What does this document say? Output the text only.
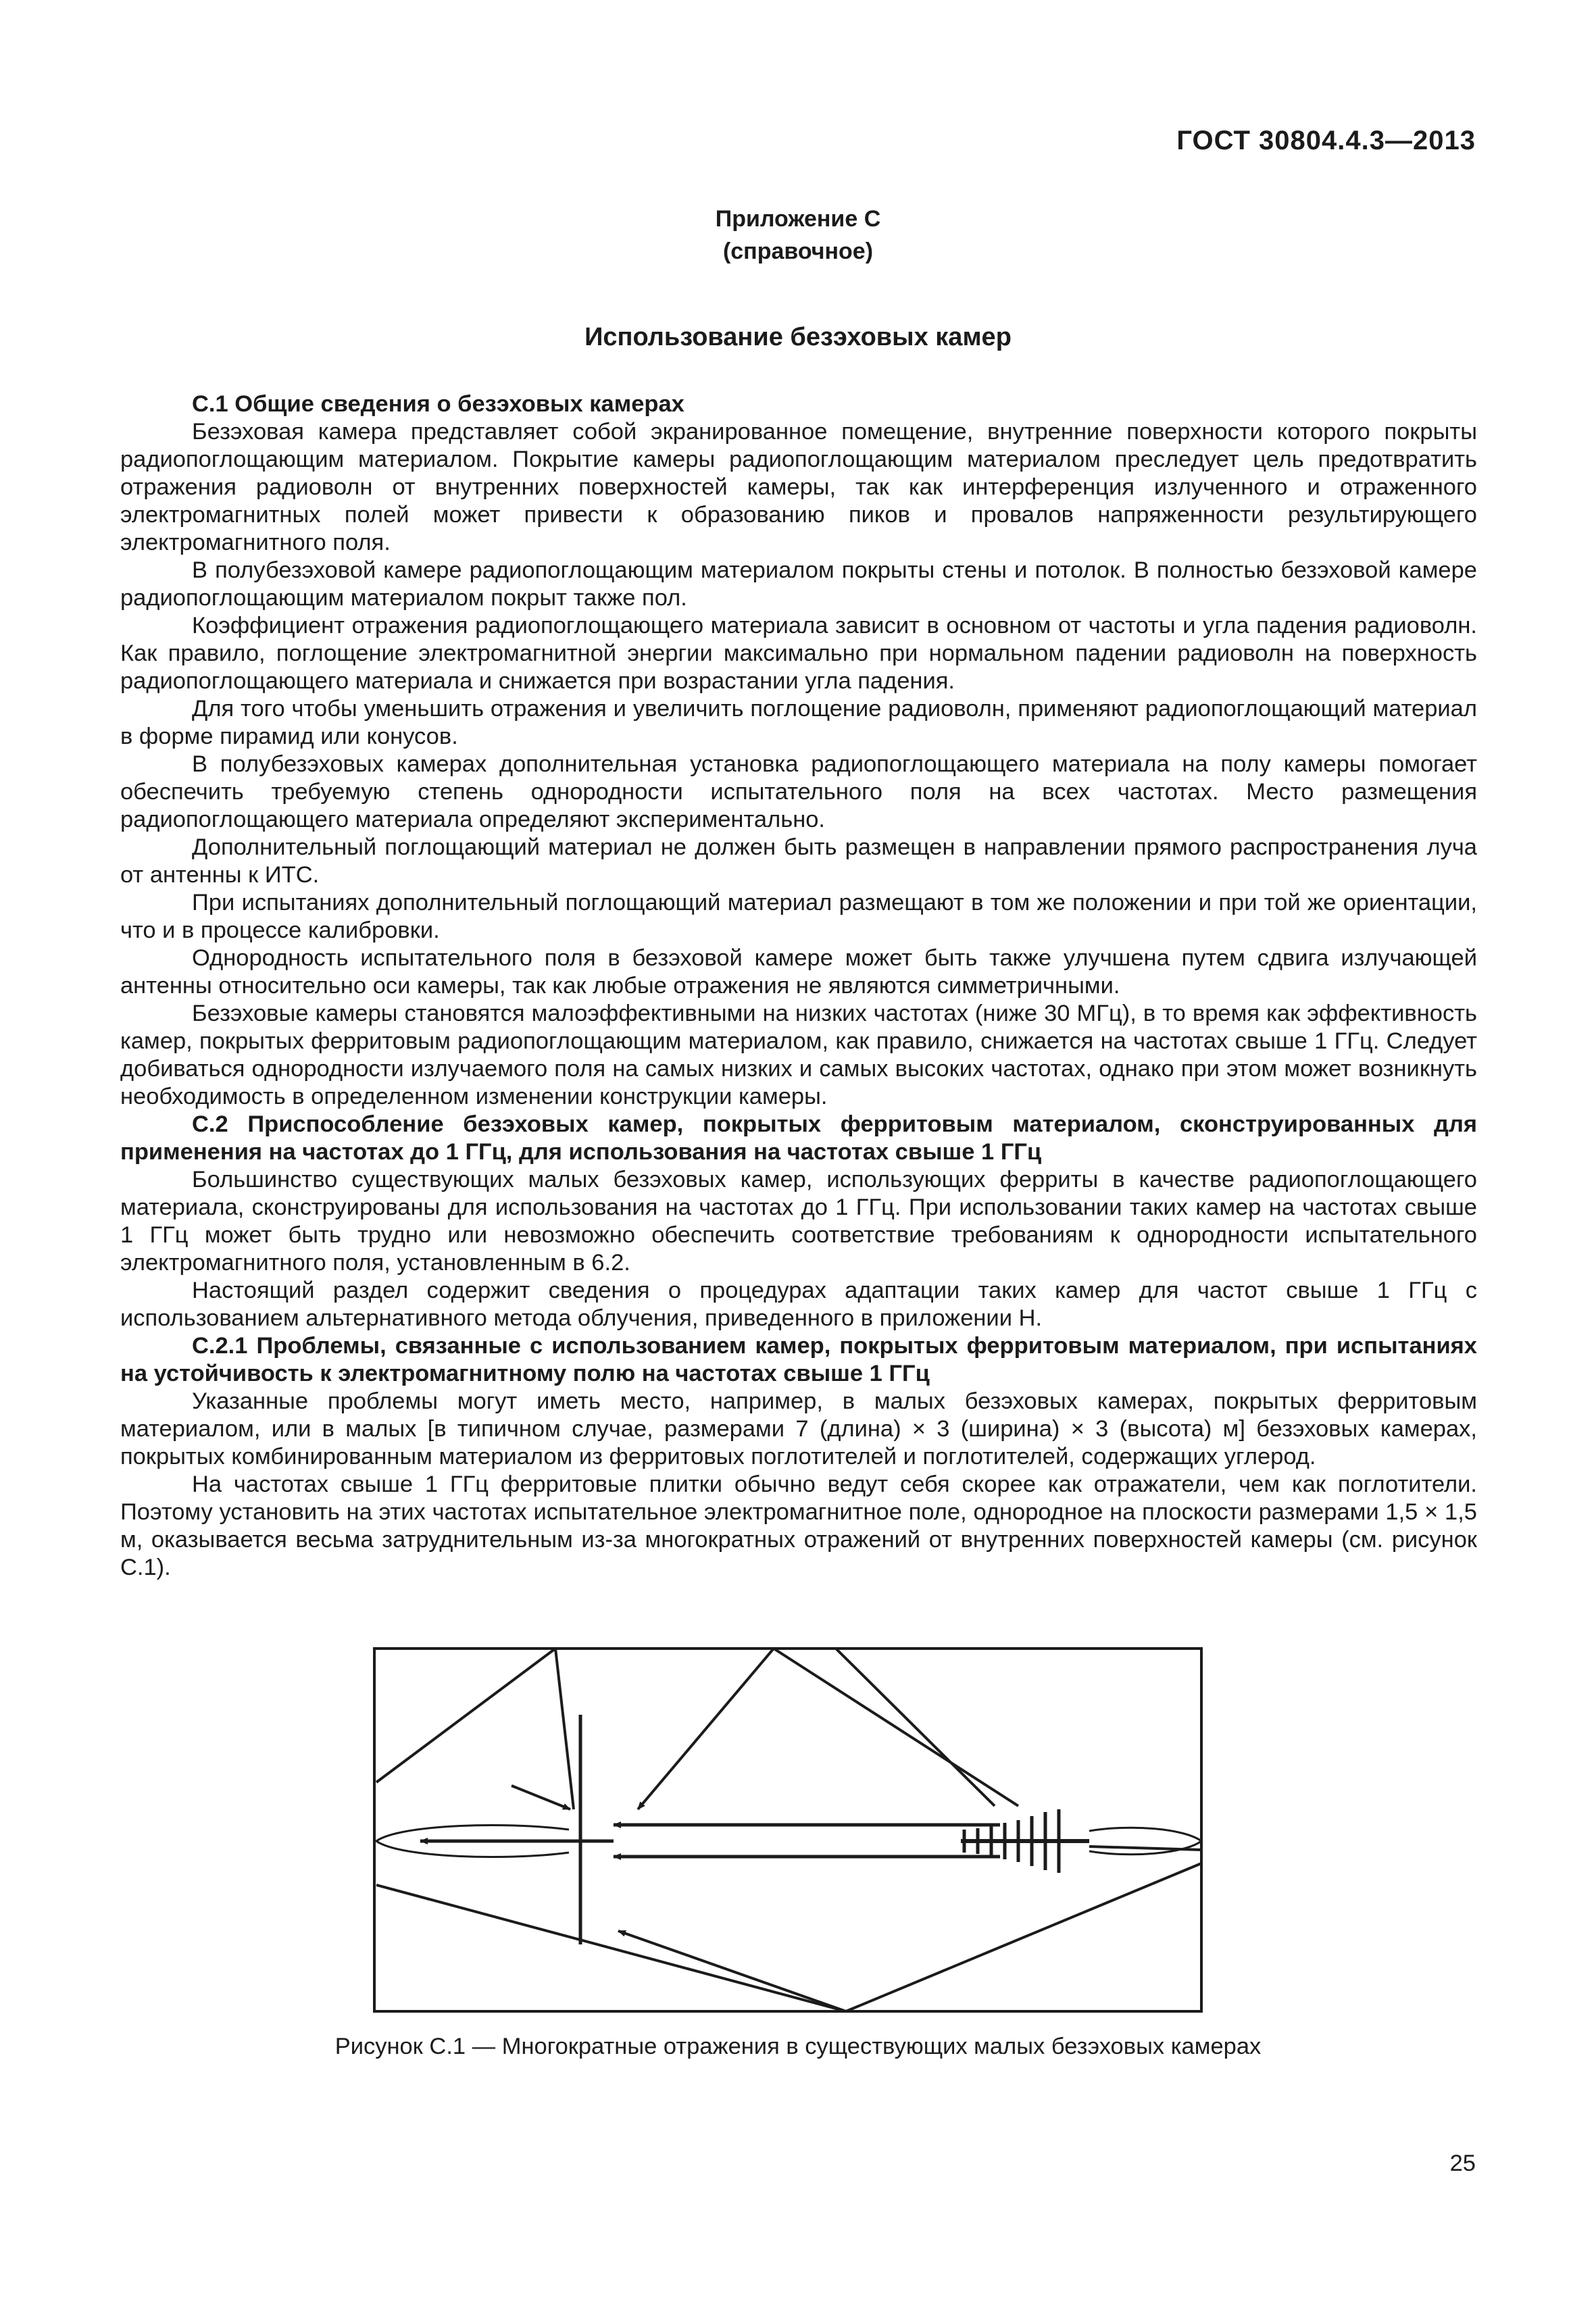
ГОСТ 30804.4.3—2013
Приложение С
(справочное)
Использование безэховых камер

С.1 Общие сведения о безэховых камерах

Безэховая камера представляет собой экранированное помещение, внутренние поверхности которого покрыты радиопоглощающим материалом. Покрытие камеры радиопоглощающим материалом преследует цель предотвратить отражения радиоволн от внутренних поверхностей камеры, так как интерференция излученного и отраженного электромагнитных полей может привести к образованию пиков и провалов напряженности результирующего электромагнитного поля.

В полубезэховой камере радиопоглощающим материалом покрыты стены и потолок. В полностью безэховой камере радиопоглощающим материалом покрыт также пол.

Коэффициент отражения радиопоглощающего материала зависит в основном от частоты и угла падения радиоволн. Как правило, поглощение электромагнитной энергии максимально при нормальном падении радиоволн на поверхность радиопоглощающего материала и снижается при возрастании угла падения.

Для того чтобы уменьшить отражения и увеличить поглощение радиоволн, применяют радиопоглощающий материал в форме пирамид или конусов.

В полубезэховых камерах дополнительная установка радиопоглощающего материала на полу камеры помогает обеспечить требуемую степень однородности испытательного поля на всех частотах. Место размещения радиопоглощающего материала определяют экспериментально.

Дополнительный поглощающий материал не должен быть размещен в направлении прямого распространения луча от антенны к ИТС.

При испытаниях дополнительный поглощающий материал размещают в том же положении и при той же ориентации, что и в процессе калибровки.

Однородность испытательного поля в безэховой камере может быть также улучшена путем сдвига излучающей антенны относительно оси камеры, так как любые отражения не являются симметричными.

Безэховые камеры становятся малоэффективными на низких частотах (ниже 30 МГц), в то время как эффективность камер, покрытых ферритовым радиопоглощающим материалом, как правило, снижается на частотах свыше 1 ГГц. Следует добиваться однородности излучаемого поля на самых низких и самых высоких частотах, однако при этом может возникнуть необходимость в определенном изменении конструкции камеры.

С.2 Приспособление безэховых камер, покрытых ферритовым материалом, сконструированных для применения на частотах до 1 ГГц, для использования на частотах свыше 1 ГГц

Большинство существующих малых безэховых камер, использующих ферриты в качестве радиопоглощающего материала, сконструированы для использования на частотах до 1 ГГц. При использовании таких камер на частотах свыше 1 ГГц может быть трудно или невозможно обеспечить соответствие требованиям к однородности испытательного электромагнитного поля, установленным в 6.2.

Настоящий раздел содержит сведения о процедурах адаптации таких камер для частот свыше 1 ГГц с использованием альтернативного метода облучения, приведенного в приложении Н.

С.2.1 Проблемы, связанные с использованием камер, покрытых ферритовым материалом, при испытаниях на устойчивость к электромагнитному полю на частотах свыше 1 ГГц

Указанные проблемы могут иметь место, например, в малых безэховых камерах, покрытых ферритовым материалом, или в малых [в типичном случае, размерами 7 (длина) × 3 (ширина) × 3 (высота) м] безэховых камерах, покрытых комбинированным материалом из ферритовых поглотителей и поглотителей, содержащих углерод.

На частотах свыше 1 ГГц ферритовые плитки обычно ведут себя скорее как отражатели, чем как поглотители. Поэтому установить на этих частотах испытательное электромагнитное поле, однородное на плоскости размерами 1,5 × 1,5 м, оказывается весьма затруднительным из-за многократных отражений от внутренних поверхностей камеры (см. рисунок С.1).

Рисунок С.1 — Многократные отражения в существующих малых безэховых камерах
25
